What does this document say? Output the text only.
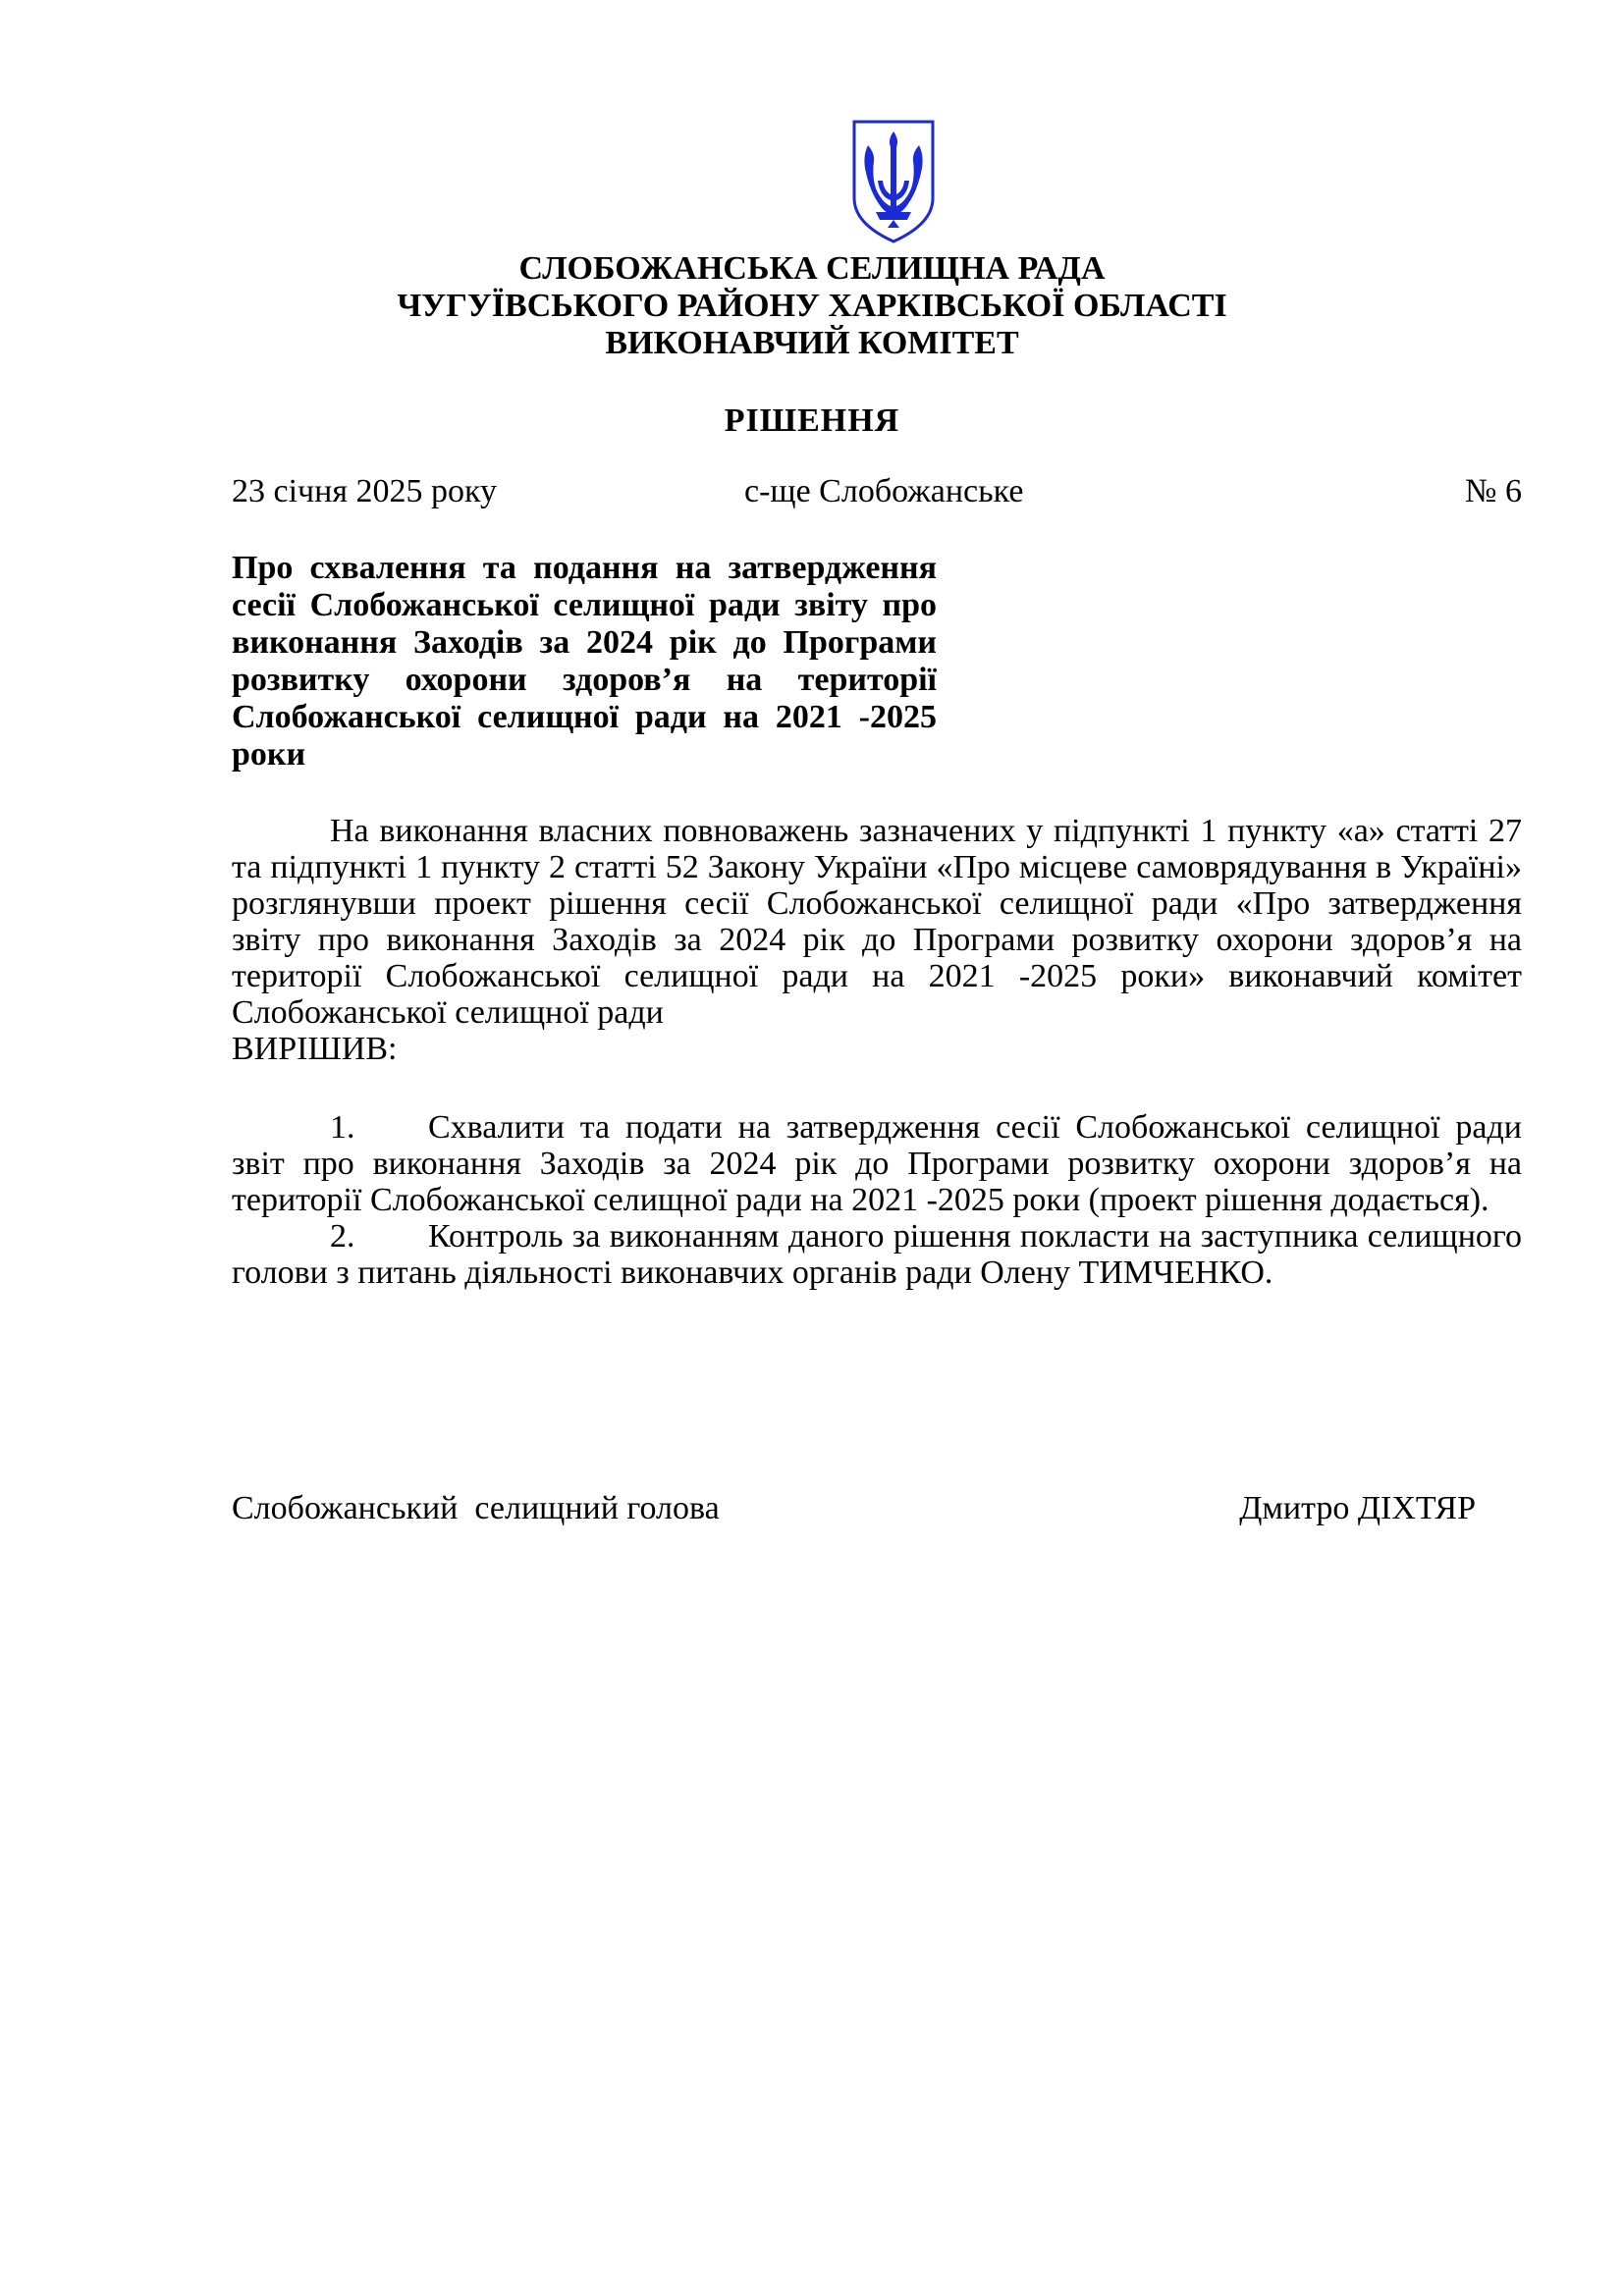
СЛОБОЖАНСЬКА СЕЛИЩНА РАДА
ЧУГУЇВСЬКОГО РАЙОНУ ХАРКІВСЬКОЇ ОБЛАСТІ
ВИКОНАВЧИЙ КОМІТЕТ
РІШЕННЯ
23 січня 2025 року	с-ще Слобожанське	№ 6
Про схвалення та подання на затвердження сесії Слобожанської селищної ради звіту про виконання Заходів за 2024 рік до Програми розвитку охорони здоров’я на території Слобожанської селищної ради на 2021 -2025 роки

На виконання власних повноважень зазначених у підпункті 1 пункту «а» статті 27 та підпункті 1 пункту 2 статті 52 Закону України «Про місцеве самоврядування в Україні» розглянувши проект рішення сесії Слобожанської селищної ради «Про затвердження звіту про виконання Заходів за 2024 рік до Програми розвитку охорони здоров’я на території Слобожанської селищної ради на 2021 -2025 роки» виконавчий комітет Слобожанської селищної ради

ВИРІШИВ:

1. Схвалити та подати на затвердження сесії Слобожанської селищної ради звіт про виконання Заходів за 2024 рік до Програми розвитку охорони здоров’я на території Слобожанської селищної ради на 2021 -2025 роки (проект рішення додається).

2. Контроль за виконанням даного рішення покласти на заступника селищного голови з питань діяльності виконавчих органів ради Олену ТИМЧЕНКО.

Слобожанський  селищний голова	Дмитро ДІХТЯР
